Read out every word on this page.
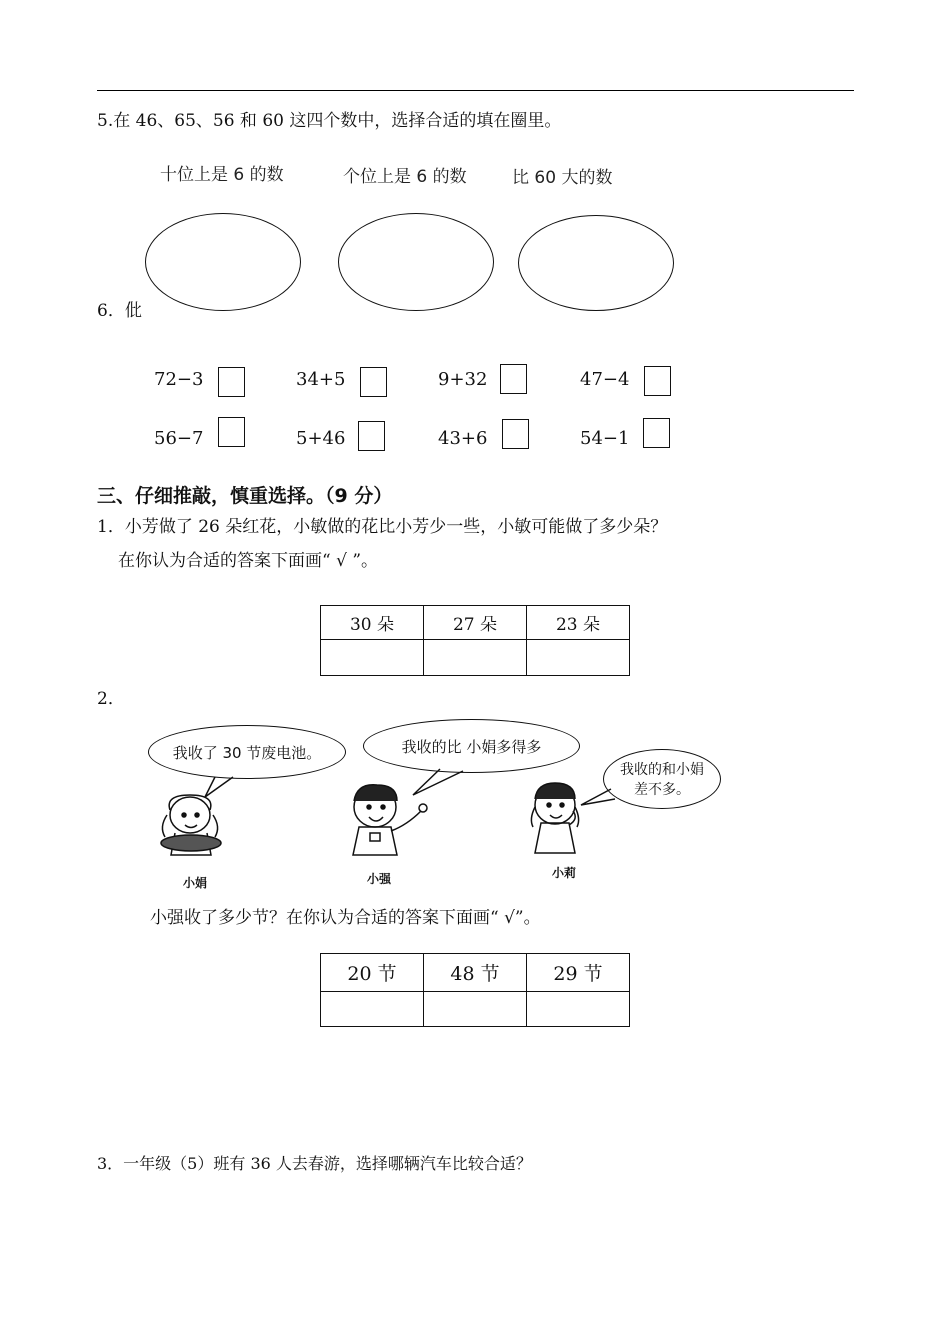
5.在 46、65、56 和 60 这四个数中，选择合适的填在圈里。
十位上是 6 的数	个位上是 6 的数	比 60 大的数
6．仳
72−3	34+5	9+32	47−4
56−7	5+46	43+6	54−1
三、仔细推敲，慎重选择。（9 分）
1．小芳做了 26 朵红花，小敏做的花比小芳少一些，小敏可能做了多少朵？
在你认为合适的答案下面画“ √ ”。
30 朵	27 朵	23 朵

2．
我收了 30 节废电池。	我收的比 小娟多得多
我收的和小娟差不多。
小娟	小强	小莉
小强收了多少节？在你认为合适的答案下面画“ √”。
20 节	48 节	29 节

3．一年级（5）班有 36 人去春游，选择哪辆汽车比较合适？
